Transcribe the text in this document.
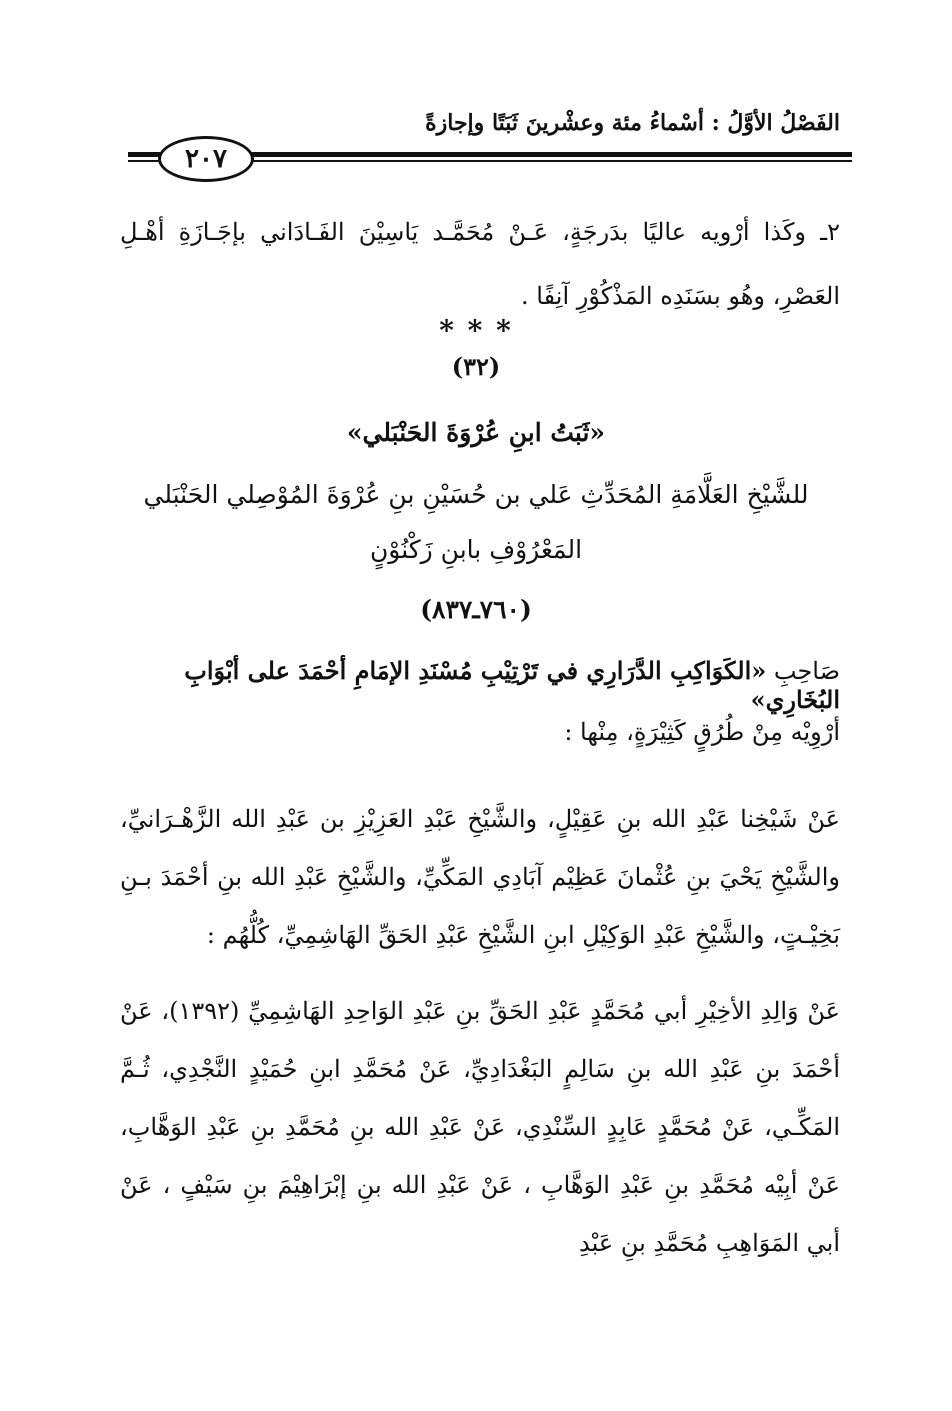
الفَصْلُ الأوَّلُ : أسْماءُ مئة وعشْرينَ ثَبَتًا وإجازةً
٢٠٧
٢ـ وكَذا أرْويه عاليًا بدَرجَةٍ، عَـنْ مُحَمَّـد يَاسِيْنَ الفَـادَاني بإجَـازَةِ أهْـلِ العَصْرِ، وهُو بسَنَدِه المَذْكُوْرِ آنِفًا .
* * *
(٣٢)
«ثَبَتُ ابنِ عُرْوَةَ الحَنْبَلي»
للشَّيْخِ العَلَّامَةِ المُحَدِّثِ عَلي بن حُسَيْنِ بنِ عُرْوَةَ المُوْصِلي الحَنْبَلي
المَعْرُوْفِ بابنِ زَكْنُوْنٍ
(٧٦٠ـ٨٣٧)
صَاحِبِ «الكَوَاكِبِ الدَّرَارِي في تَرْتِيْبِ مُسْنَدِ الإمَامِ أحْمَدَ على أبْوَابِ البُخَارِي»
أرْوِيْه مِنْ طُرُقٍ كَثِيْرَةٍ، مِنْها :
عَنْ شَيْخِنا عَبْدِ الله بنِ عَقِيْلٍ، والشَّيْخِ عَبْدِ العَزِيْزِ بن عَبْدِ الله الزَّهْـرَانيِّ، والشَّيْخِ يَحْيَ بنِ عُثْمانَ عَظِيْم آبَادِي المَكِّيِّ، والشَّيْخِ عَبْدِ الله بنِ أحْمَدَ بـنِ بَخِيْـتٍ، والشَّيْخِ عَبْدِ الوَكِيْلِ ابنِ الشَّيْخِ عَبْدِ الحَقِّ الهَاشِمِيِّ، كُلُّهُم :
عَنْ وَالِدِ الأخِيْرِ أبي مُحَمَّدٍ عَبْدِ الحَقِّ بنِ عَبْدِ الوَاحِدِ الهَاشِمِيِّ (١٣٩٢)، عَنْ أحْمَدَ بنِ عَبْدِ الله بنِ سَالِمٍ البَغْدَادِيِّ، عَنْ مُحَمَّدِ ابنِ حُمَيْدٍ النَّجْدِي، ثُـمَّ المَكِّـي، عَنْ مُحَمَّدٍ عَابِدٍ السِّنْدِي، عَنْ عَبْدِ الله بنِ مُحَمَّدِ بنِ عَبْدِ الوَهَّابِ، عَنْ أبِيْه مُحَمَّدِ بنِ عَبْدِ الوَهَّابِ ، عَنْ عَبْدِ الله بنِ إبْرَاهِيْمَ بنِ سَيْفٍ ، عَنْ أبي المَوَاهِبِ مُحَمَّدِ بنِ عَبْدِ
